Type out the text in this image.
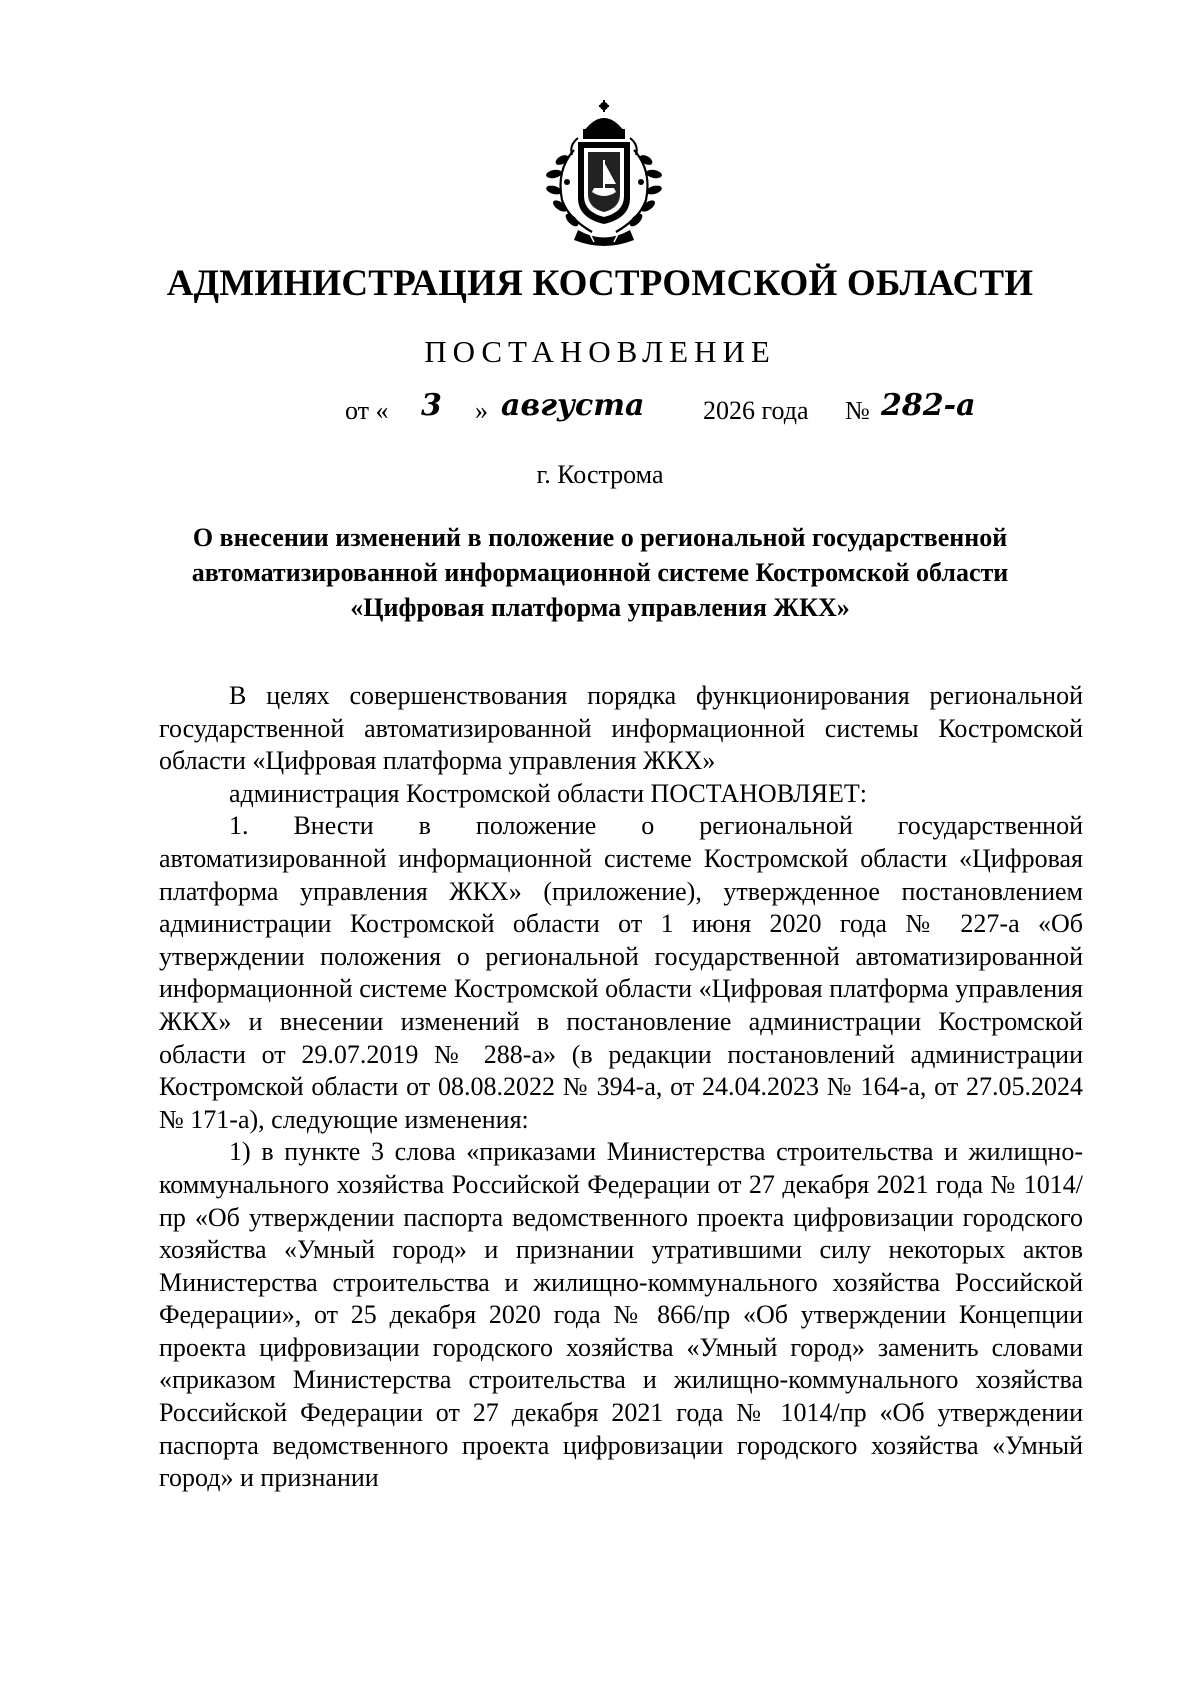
АДМИНИСТРАЦИЯ КОСТРОМСКОЙ ОБЛАСТИ
ПОСТАНОВЛЕНИЕ
от « 3 » августа 2026 года № 282-а
г. Кострома
О внесении изменений в положение о региональной государственной
автоматизированной информационной системе Костромской области
«Цифровая платформа управления ЖКХ»

В целях совершенствования порядка функционирования региональной государственной автоматизированной информационной системы Костромской области «Цифровая платформа управления ЖКХ»

администрация Костромской области ПОСТАНОВЛЯЕТ:

1. Внести в положение о региональной государственной автоматизированной информационной системе Костромской области «Цифровая платформа управления ЖКХ» (приложение), утвержденное постановлением администрации Костромской области от 1 июня 2020 года № 227-а «Об утверждении положения о региональной государственной автоматизированной информационной системе Костромской области «Цифровая платформа управления ЖКХ» и внесении изменений в постановление администрации Костромской области от 29.07.2019 № 288-а» (в редакции постановлений администрации Костромской области от 08.08.2022 № 394-а, от 24.04.2023 № 164-а, от 27.05.2024 № 171-а), следующие изменения:

1) в пункте 3 слова «приказами Министерства строительства и жилищно-коммунального хозяйства Российской Федерации от 27 декабря 2021 года № 1014/пр «Об утверждении паспорта ведомственного проекта цифровизации городского хозяйства «Умный город» и признании утратившими силу некоторых актов Министерства строительства и жилищно-коммунального хозяйства Российской Федерации», от 25 декабря 2020 года № 866/пр «Об утверждении Концепции проекта цифровизации городского хозяйства «Умный город» заменить словами «приказом Министерства строительства и жилищно-коммунального хозяйства Российской Федерации от 27 декабря 2021 года № 1014/пр «Об утверждении паспорта ведомственного проекта цифровизации городского хозяйства «Умный город» и признании
